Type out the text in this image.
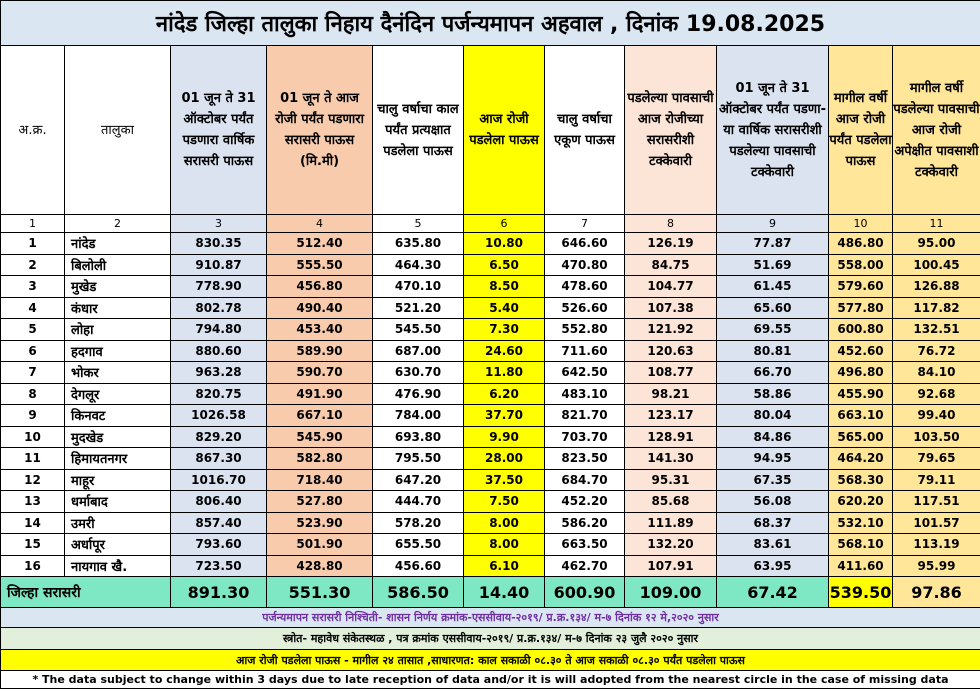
नांदेड जिल्हा तालुका निहाय दैनंदिन पर्जन्यमापन अहवाल , दिनांक 19.08.2025										
अ.क्र.	तालुका	01 जून ते 31 ऑक्टोबर पर्यंत पडणारा वार्षिक सरासरी पाऊस	01 जून ते आज रोजी पर्यंत पडणारा सरासरी पाऊस (मि.मी)	चालु वर्षाचा काल पर्यंत प्रत्यक्षात पडलेला पाऊस	आज रोजी पडलेला पाऊस	चालु वर्षाचा एकूण पाऊस	पडलेल्या पावसाची आज रोजीच्या सरासरीशी टक्केवारी	01 जून ते 31 ऑक्टोबर पर्यंत पडणा-या वार्षिक सरासरीशी पडलेल्या पावसाची टक्केवारी	मागील वर्षी आज रोजी पर्यंत पडलेला पाऊस	मागील वर्षी पडलेल्या पावसाची आज रोजी अपेक्षीत पावसाशी टक्केवारी
1	2	3	4	5	6	7	8	9	10	11
1	नांदेड	830.35	512.40	635.80	10.80	646.60	126.19	77.87	486.80	95.00
2	बिलोली	910.87	555.50	464.30	6.50	470.80	84.75	51.69	558.00	100.45
3	मुखेड	778.90	456.80	470.10	8.50	478.60	104.77	61.45	579.60	126.88
4	कंधार	802.78	490.40	521.20	5.40	526.60	107.38	65.60	577.80	117.82
5	लोहा	794.80	453.40	545.50	7.30	552.80	121.92	69.55	600.80	132.51
6	हदगाव	880.60	589.90	687.00	24.60	711.60	120.63	80.81	452.60	76.72
7	भोकर	963.28	590.70	630.70	11.80	642.50	108.77	66.70	496.80	84.10
8	देगलूर	820.75	491.90	476.90	6.20	483.10	98.21	58.86	455.90	92.68
9	किनवट	1026.58	667.10	784.00	37.70	821.70	123.17	80.04	663.10	99.40
10	मुदखेड	829.20	545.90	693.80	9.90	703.70	128.91	84.86	565.00	103.50
11	हिमायतनगर	867.30	582.80	795.50	28.00	823.50	141.30	94.95	464.20	79.65
12	माहूर	1016.70	718.40	647.20	37.50	684.70	95.31	67.35	568.30	79.11
13	धर्माबाद	806.40	527.80	444.70	7.50	452.20	85.68	56.08	620.20	117.51
14	उमरी	857.40	523.90	578.20	8.00	586.20	111.89	68.37	532.10	101.57
15	अर्धापूर	793.60	501.90	655.50	8.00	663.50	132.20	83.61	568.10	113.19
16	नायगाव खै.	723.50	428.80	456.60	6.10	462.70	107.91	63.95	411.60	95.99
जिल्हा सरासरी		891.30	551.30	586.50	14.40	600.90	109.00	67.42	539.50	97.86
पर्जन्यमापन सरासरी निश्चिती- शासन निर्णय क्रमांक-एससीवाय-२०१९/ प्र.क्र.१३४/ म-७ दिनांक १२ मे,२०२० नुसार										
स्त्रोत- महावेध संकेतस्थळ , पत्र क्रमांक एससीवाय-२०१९/ प्र.क्र.१३४/ म-७ दिनांक २३ जुलै २०२० नुसार										
आज रोजी पडलेला पाऊस - मागील २४ तासात ,साधारणत: काल सकाळी ०८.३० ते आज सकाळी ०८.३० पर्यंत पडलेला पाऊस										
* The data subject to change within 3 days due to late reception of data and/or it is will adopted from the nearest circle in the case of missing data										
